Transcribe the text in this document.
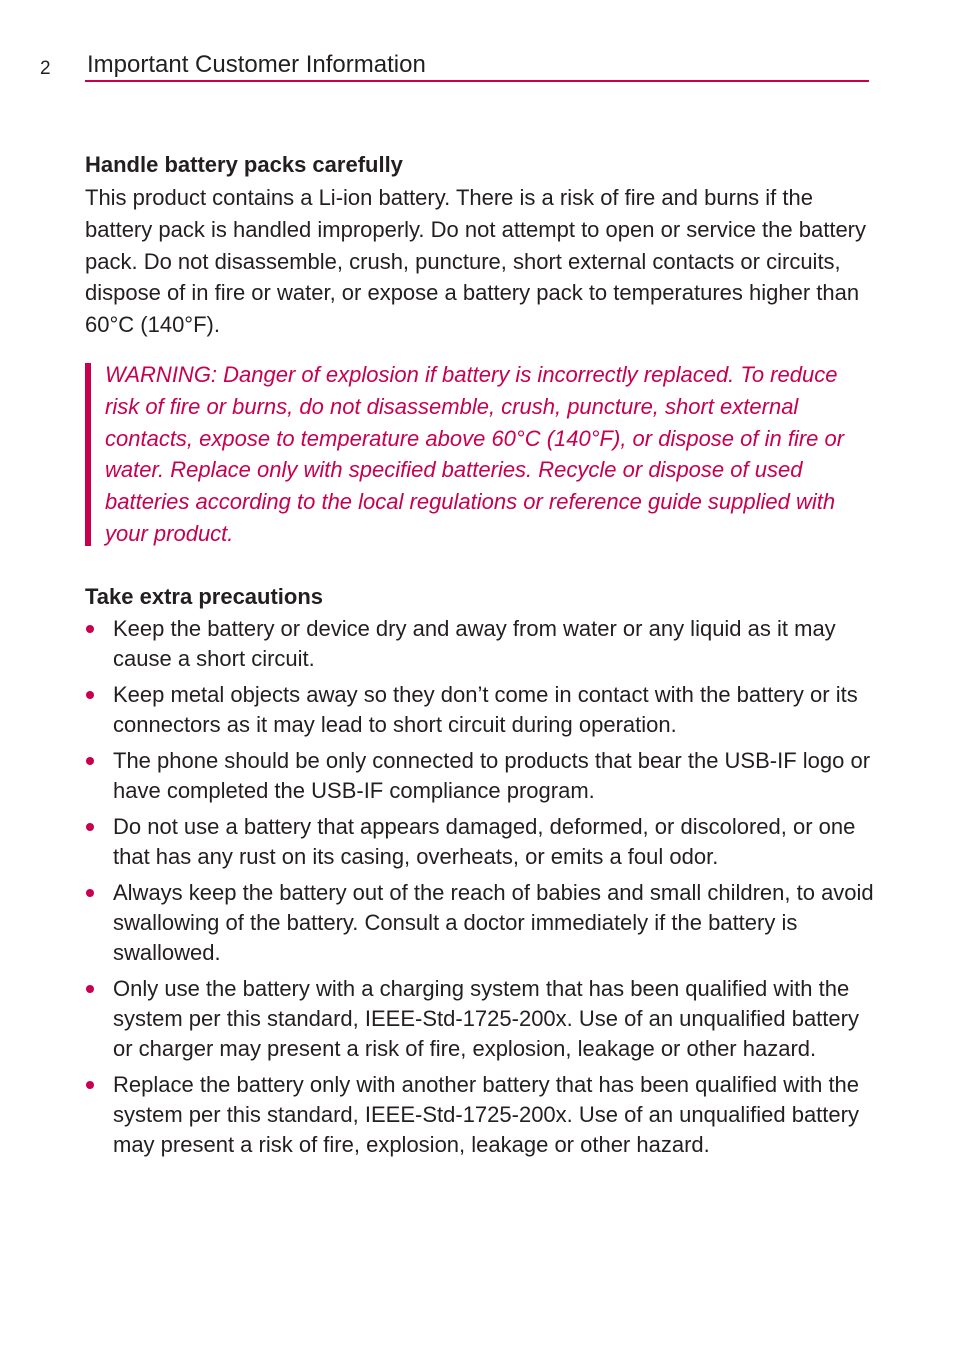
2 Important Customer Information
Handle battery packs carefully

This product contains a Li-ion battery. There is a risk of fire and burns if the battery pack is handled improperly. Do not attempt to open or service the battery pack. Do not disassemble, crush, puncture, short external contacts or circuits, dispose of in fire or water, or expose a battery pack to temperatures higher than 60°C (140°F).

WARNING: Danger of explosion if battery is incorrectly replaced. To reduce risk of fire or burns, do not disassemble, crush, puncture, short external contacts, expose to temperature above 60°C (140°F), or dispose of in fire or water. Replace only with specified batteries. Recycle or dispose of used batteries according to the local regulations or reference guide supplied with your product.

Take extra precautions
Keep the battery or device dry and away from water or any liquid as it may cause a short circuit.
Keep metal objects away so they don’t come in contact with the battery or its connectors as it may lead to short circuit during operation.
The phone should be only connected to products that bear the USB-IF logo or have completed the USB-IF compliance program.
Do not use a battery that appears damaged, deformed, or discolored, or one that has any rust on its casing, overheats, or emits a foul odor.
Always keep the battery out of the reach of babies and small children, to avoid swallowing of the battery. Consult a doctor immediately if the battery is swallowed.
Only use the battery with a charging system that has been qualified with the system per this standard, IEEE-Std-1725-200x. Use of an unqualified battery or charger may present a risk of fire, explosion, leakage or other hazard.
Replace the battery only with another battery that has been qualified with the system per this standard, IEEE-Std-1725-200x. Use of an unqualified battery may present a risk of fire, explosion, leakage or other hazard.
